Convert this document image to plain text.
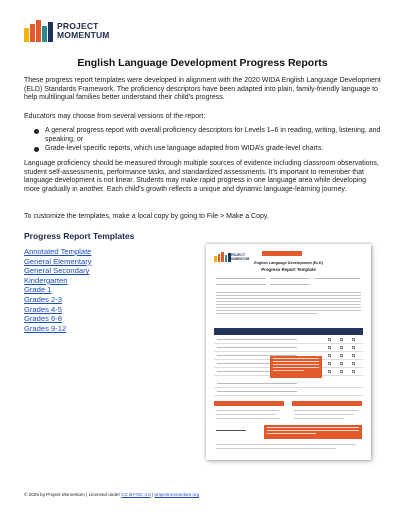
PROJECT
MOMENTUM
English Language Development Progress Reports

These progress report templates were developed in alignment with the 2020 WIDA English Language Development (ELD) Standards Framework. The proficiency descriptors have been adapted into plain, family-friendly language to help multilingual families better understand their child’s progress.

Educators may choose from several versions of the report:

A general progress report with overall proficiency descriptors for Levels 1–6 in reading, writing, listening, and speaking, or
Grade-level specific reports, which use language adapted from WIDA’s grade-level charts.

Language proficiency should be measured through multiple sources of evidence including classroom observations, student self-assessments, performance tasks, and standardized assessments. It’s important to remember that language development is not linear. Students may make rapid progress in one language area while developing more gradually in another. Each child’s growth reflects a unique and dynamic language-learning journey.

To customize the templates, make a local copy by going to File > Make a Copy.

Progress Report Templates
Annotated Template
General Elementary
General Secondary
Kindergarten
Grade 1
Grades 2-3
Grades 4-5
Grades 6-8
Grades 9-12
PROJECT
MOMENTUM
English Language Development (ELD)
Progress Report Template
© 2025 by Project Momentum | Licensed under CC BY-NC 4.0 | projectmomentum.org
